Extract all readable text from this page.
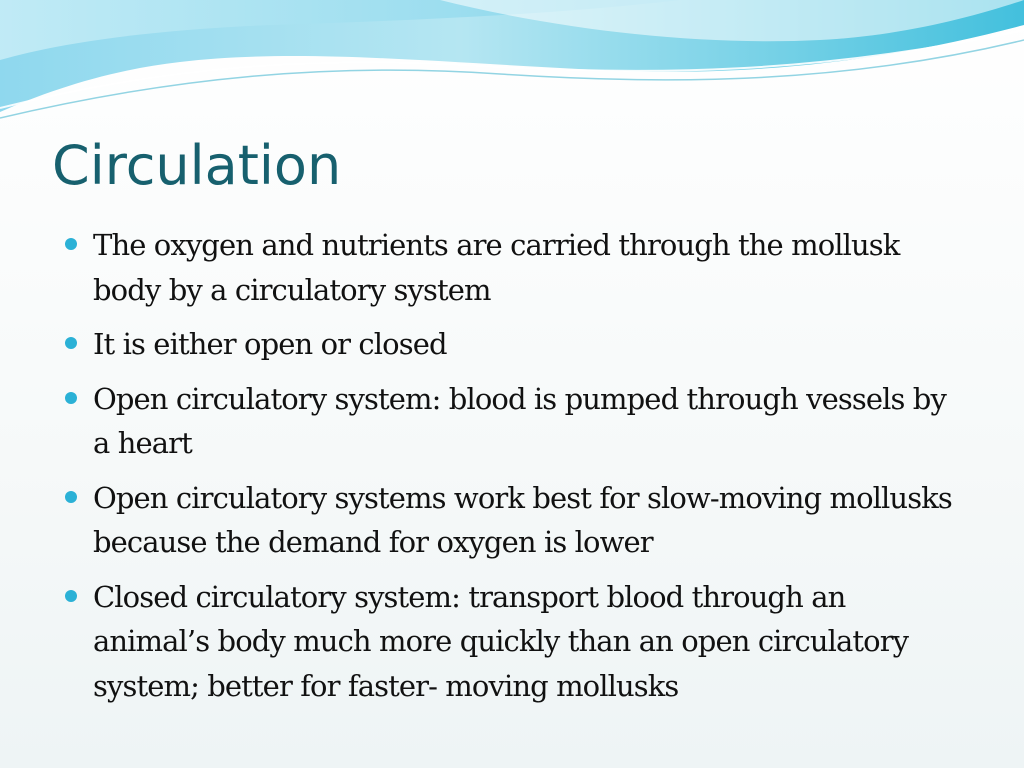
Circulation
The oxygen and nutrients are carried through the mollusk body by a circulatory system
It is either open or closed
Open circulatory system: blood is pumped through vessels by a heart
Open circulatory systems work best for slow-moving mollusks because the demand for oxygen is lower
Closed circulatory system: transport blood through an animal’s body much more quickly than an open circulatory system; better for faster- moving mollusks
